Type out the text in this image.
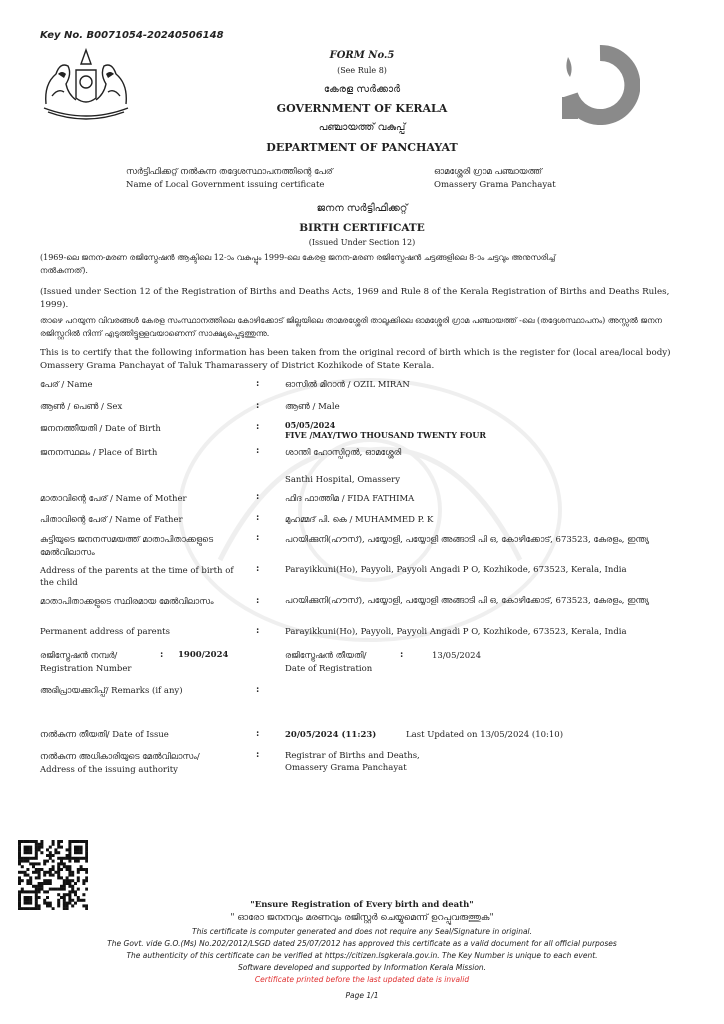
Key No. B0071054-20240506148
FORM No.5
(See Rule 8)
കേരള സർക്കാർ
GOVERNMENT OF KERALA
പഞ്ചായത്ത് വകുപ്പ്
DEPARTMENT OF PANCHAYAT
സർട്ടിഫിക്കറ്റ് നൽകുന്ന തദ്ദേശസ്ഥാപനത്തിന്റെ പേര്
Name of Local Government issuing certificate
ഓമശ്ശേരി ഗ്രാമ പഞ്ചായത്ത്
Omassery Grama Panchayat
ജനന സർട്ടിഫിക്കറ്റ്
BIRTH CERTIFICATE
(Issued Under Section 12)
(1969-ലെ ജനന-മരണ രജിസ്ട്രേഷൻ ആക്ടിലെ 12-ാം വകുപ്പും 1999-ലെ കേരള ജനന-മരണ രജിസ്ട്രേഷൻ ചട്ടങ്ങളിലെ 8-ാം ചട്ടവും അനുസരിച്ച്
നൽകുന്നത്).
(Issued under Section 12 of the Registration of Births and Deaths Acts, 1969 and Rule 8 of the Kerala Registration of Births and Deaths Rules, 1999).
താഴെ പറയുന്ന വിവരങ്ങൾ കേരള സംസ്ഥാനത്തിലെ കോഴിക്കോട് ജില്ലയിലെ താമരശ്ശേരി താലൂക്കിലെ ഓമശ്ശേരി ഗ്രാമ പഞ്ചായത്ത് -ലെ (തദ്ദേശസ്ഥാപനം) അസ്സൽ ജനന രജിസ്റ്ററിൽ നിന്ന് എടുത്തിട്ടുള്ളവയാണെന്ന് സാക്ഷ്യപ്പെടുത്തുന്നു.
This is to certify that the following information has been taken from the original record of birth which is the register for (local area/local body) Omassery Grama Panchayat of Taluk Thamarassery of District Kozhikode of State Kerala.
പേര് / Name	:	ഓസിൽ മിറാൻ / OZIL MIRAN
ആൺ / പെൺ / Sex	:	ആൺ / Male
ജനനത്തീയതി / Date of Birth	:	05/05/2024
FIVE /MAY/TWO THOUSAND TWENTY FOUR
ജനനസ്ഥലം / Place of Birth	:	ശാന്തി ഹോസ്പിറ്റൽ, ഓമശ്ശേരി
Santhi Hospital, Omassery
മാതാവിന്റെ പേര് / Name of Mother	:	ഫിദ ഫാത്തിമ / FIDA FATHIMA
പിതാവിന്റെ പേര് / Name of Father	:	മുഹമ്മദ് പി. കെ / MUHAMMED P. K
കുട്ടിയുടെ ജനനസമയത്ത് മാതാപിതാക്കളുടെ മേൽവിലാസം
:	പറയിക്കുനി(ഹൗസ്), പയ്യോളി, പയ്യോളി അങ്ങാടി പി ഒ, കോഴിക്കോട്, 673523, കേരളം, ഇന്ത്യ
Address of the parents at the time of birth of the child
:	Parayikkuni(Ho), Payyoli, Payyoli Angadi P O, Kozhikode, 673523, Kerala, India
മാതാപിതാക്കളുടെ സ്ഥിരമായ മേൽവിലാസം	:	പറയിക്കുനി(ഹൗസ്), പയ്യോളി, പയ്യോളി അങ്ങാടി പി ഒ, കോഴിക്കോട്, 673523, കേരളം, ഇന്ത്യ
Permanent address of parents	:	Parayikkuni(Ho), Payyoli, Payyoli Angadi P O, Kozhikode, 673523, Kerala, India
രജിസ്ട്രേഷൻ നമ്പർ/
Registration Number
: 1900/2024	രജിസ്ട്രേഷൻ തീയതി/
Date of Registration
:	13/05/2024
അഭിപ്രായക്കുറിപ്പ്/ Remarks (if any)	:
നൽകുന്ന തീയതി/ Date of Issue	:	20/05/2024 (11:23)	Last Updated on 13/05/2024 (10:10)
നൽകുന്ന അധികാരിയുടെ മേൽവിലാസം/
Address of the issuing authority
:	Registrar of Births and Deaths,
Omassery Grama Panchayat
"Ensure Registration of Every birth and death"
" ഓരോ ജനനവും മരണവും രജിസ്റ്റർ ചെയ്യുമെന്ന് ഉറപ്പുവരുത്തുക"
This certificate is computer generated and does not require any Seal/Signature in original.
The Govt. vide G.O.(Ms) No.202/2012/LSGD dated 25/07/2012 has approved this certificate as a valid document for all official purposes
The authenticity of this certificate can be verified at https://citizen.lsgkerala.gov.in. The Key Number is unique to each event.
Software developed and supported by Information Kerala Mission.
Certificate printed before the last updated date is invalid
Page 1/1
